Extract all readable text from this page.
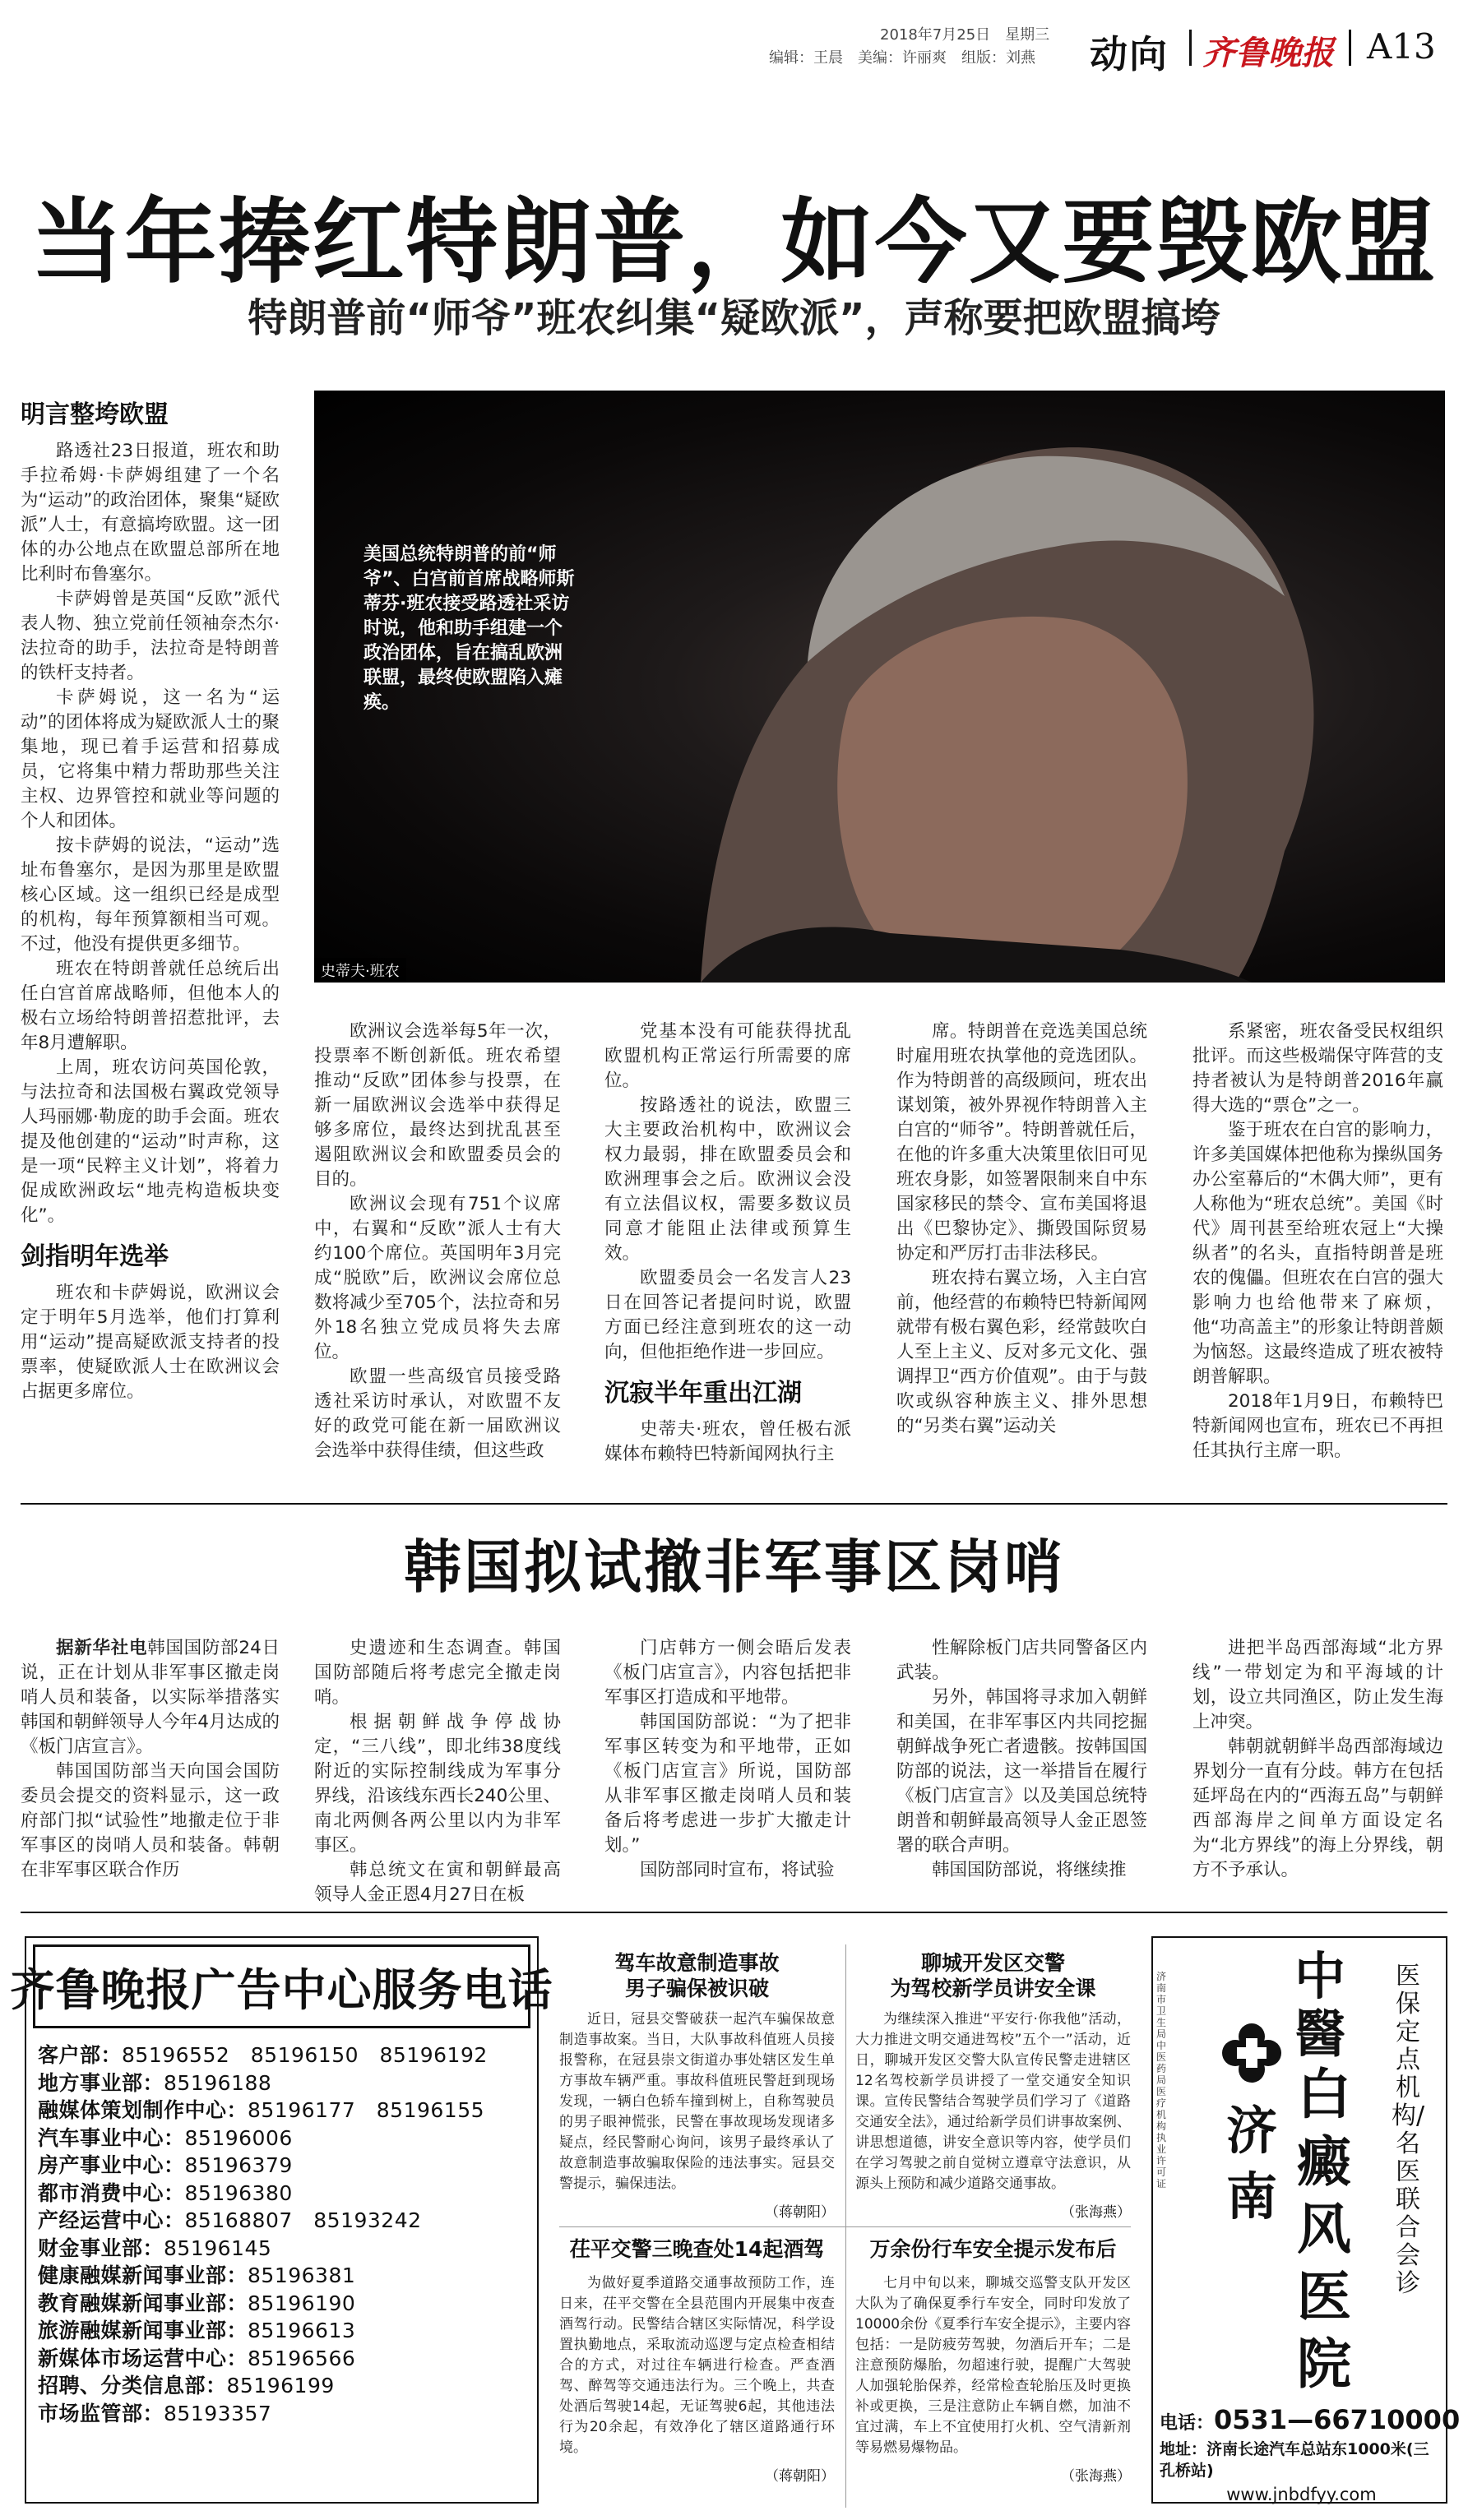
2018年7月25日　星期三
编辑：王晨　美编：许丽爽　组版：刘燕 动向 齐鲁晚报 A13
当年捧红特朗普，如今又要毁欧盟
特朗普前“师爷”班农纠集“疑欧派”，声称要把欧盟搞垮
美国总统特朗普的前“师爷”、白宫前首席战略师斯蒂芬·班农接受路透社采访时说，他和助手组建一个政治团体，旨在搞乱欧洲联盟，最终使欧盟陷入瘫痪。
史蒂夫·班农
明言整垮欧盟

路透社23日报道，班农和助手拉希姆·卡萨姆组建了一个名为“运动”的政治团体，聚集“疑欧派”人士，有意搞垮欧盟。这一团体的办公地点在欧盟总部所在地比利时布鲁塞尔。

卡萨姆曾是英国“反欧”派代表人物、独立党前任领袖奈杰尔·法拉奇的助手，法拉奇是特朗普的铁杆支持者。

卡萨姆说，这一名为“运动”的团体将成为疑欧派人士的聚集地，现已着手运营和招募成员，它将集中精力帮助那些关注主权、边界管控和就业等问题的个人和团体。

按卡萨姆的说法，“运动”选址布鲁塞尔，是因为那里是欧盟核心区域。这一组织已经是成型的机构，每年预算额相当可观。不过，他没有提供更多细节。

班农在特朗普就任总统后出任白宫首席战略师，但他本人的极右立场给特朗普招惹批评，去年8月遭解职。

上周，班农访问英国伦敦，与法拉奇和法国极右翼政党领导人玛丽娜·勒庞的助手会面。班农提及他创建的“运动”时声称，这是一项“民粹主义计划”，将着力促成欧洲政坛“地壳构造板块变化”。

剑指明年选举

班农和卡萨姆说，欧洲议会定于明年5月选举，他们打算利用“运动”提高疑欧派支持者的投票率，使疑欧派人士在欧洲议会占据更多席位。

欧洲议会选举每5年一次，投票率不断创新低。班农希望推动“反欧”团体参与投票，在新一届欧洲议会选举中获得足够多席位，最终达到扰乱甚至遏阻欧洲议会和欧盟委员会的目的。

欧洲议会现有751个议席中，右翼和“反欧”派人士有大约100个席位。英国明年3月完成“脱欧”后，欧洲议会席位总数将减少至705个，法拉奇和另外18名独立党成员将失去席位。

欧盟一些高级官员接受路透社采访时承认，对欧盟不友好的政党可能在新一届欧洲议会选举中获得佳绩，但这些政

党基本没有可能获得扰乱欧盟机构正常运行所需要的席位。

按路透社的说法，欧盟三大主要政治机构中，欧洲议会权力最弱，排在欧盟委员会和欧洲理事会之后。欧洲议会没有立法倡议权，需要多数议员同意才能阻止法律或预算生效。

欧盟委员会一名发言人23日在回答记者提问时说，欧盟方面已经注意到班农的这一动向，但他拒绝作进一步回应。

沉寂半年重出江湖

史蒂夫·班农，曾任极右派媒体布赖特巴特新闻网执行主

席。特朗普在竞选美国总统时雇用班农执掌他的竞选团队。作为特朗普的高级顾问，班农出谋划策，被外界视作特朗普入主白宫的“师爷”。特朗普就任后，在他的许多重大决策里依旧可见班农身影，如签署限制来自中东国家移民的禁令、宣布美国将退出《巴黎协定》、撕毁国际贸易协定和严厉打击非法移民。

班农持右翼立场，入主白宫前，他经营的布赖特巴特新闻网就带有极右翼色彩，经常鼓吹白人至上主义、反对多元文化、强调捍卫“西方价值观”。由于与鼓吹或纵容种族主义、排外思想的“另类右翼”运动关

系紧密，班农备受民权组织批评。而这些极端保守阵营的支持者被认为是特朗普2016年赢得大选的“票仓”之一。

鉴于班农在白宫的影响力，许多美国媒体把他称为操纵国务办公室幕后的“木偶大师”，更有人称他为“班农总统”。美国《时代》周刊甚至给班农冠上“大操纵者”的名头，直指特朗普是班农的傀儡。但班农在白宫的强大影响力也给他带来了麻烦，他“功高盖主”的形象让特朗普颇为恼怒。这最终造成了班农被特朗普解职。

2018年1月9日，布赖特巴特新闻网也宣布，班农已不再担任其执行主席一职。

韩国拟试撤非军事区岗哨

据新华社电韩国国防部24日说，正在计划从非军事区撤走岗哨人员和装备，以实际举措落实韩国和朝鲜领导人今年4月达成的《板门店宣言》。

韩国国防部当天向国会国防委员会提交的资料显示，这一政府部门拟“试验性”地撤走位于非军事区的岗哨人员和装备。韩朝在非军事区联合作历

史遗迹和生态调查。韩国国防部随后将考虑完全撤走岗哨。

根据朝鲜战争停战协定，“三八线”，即北纬38度线附近的实际控制线成为军事分界线，沿该线东西长240公里、南北两侧各两公里以内为非军事区。

韩总统文在寅和朝鲜最高领导人金正恩4月27日在板

门店韩方一侧会晤后发表《板门店宣言》，内容包括把非军事区打造成和平地带。

韩国国防部说：“为了把非军事区转变为和平地带，正如《板门店宣言》所说，国防部从非军事区撤走岗哨人员和装备后将考虑进一步扩大撤走计划。”

国防部同时宣布，将试验

性解除板门店共同警备区内武装。

另外，韩国将寻求加入朝鲜和美国，在非军事区内共同挖掘朝鲜战争死亡者遗骸。按韩国国防部的说法，这一举措旨在履行《板门店宣言》以及美国总统特朗普和朝鲜最高领导人金正恩签署的联合声明。

韩国国防部说，将继续推

进把半岛西部海域“北方界线”一带划定为和平海域的计划，设立共同渔区，防止发生海上冲突。

韩朝就朝鲜半岛西部海域边界划分一直有分歧。韩方在包括延坪岛在内的“西海五岛”与朝鲜西部海岸之间单方面设定名为“北方界线”的海上分界线，朝方不予承认。

齐鲁晚报广告中心服务电话
客户部：85196552　85196150　85196192
地方事业部：85196188
融媒体策划制作中心：85196177　85196155
汽车事业中心：85196006
房产事业中心：85196379
都市消费中心：85196380
产经运营中心：85168807　85193242
财金事业部：85196145
健康融媒新闻事业部：85196381
教育融媒新闻事业部：85196190
旅游融媒新闻事业部：85196613
新媒体市场运营中心：85196566
招聘、分类信息部：85196199
市场监管部：85193357
驾车故意制造事故
男子骗保被识破

近日，冠县交警破获一起汽车骗保故意制造事故案。当日，大队事故科值班人员接报警称，在冠县崇文街道办事处辖区发生单方事故车辆严重。事故科值班民警赶到现场发现，一辆白色轿车撞到树上，自称驾驶员的男子眼神慌张，民警在事故现场发现诸多疑点，经民警耐心询问，该男子最终承认了故意制造事故骗取保险的违法事实。冠县交警提示，骗保违法。

（蒋朝阳）
茌平交警三晚查处14起酒驾

为做好夏季道路交通事故预防工作，连日来，茌平交警在全县范围内开展集中夜查酒驾行动。民警结合辖区实际情况，科学设置执勤地点，采取流动巡逻与定点检查相结合的方式，对过往车辆进行检查。严查酒驾、醉驾等交通违法行为。三个晚上，共查处酒后驾驶14起，无证驾驶6起，其他违法行为20余起，有效净化了辖区道路通行环境。

（蒋朝阳）
聊城开发区交警
为驾校新学员讲安全课

为继续深入推进“平安行·你我他”活动，大力推进文明交通进驾校”五个一”活动，近日，聊城开发区交警大队宣传民警走进辖区12名驾校新学员讲授了一堂交通安全知识课。宣传民警结合驾驶学员们学习了《道路交通安全法》，通过给新学员们讲事故案例、讲思想道德，讲安全意识等内容，使学员们在学习驾驶之前自觉树立遵章守法意识，从源头上预防和减少道路交通事故。

（张海燕）
万余份行车安全提示发布后

七月中旬以来，聊城交巡警支队开发区大队为了确保夏季行车安全，同时印发放了10000余份《夏季行车安全提示》，主要内容包括：一是防疲劳驾驶，勿酒后开车；二是注意预防爆胎，勿超速行驶，提醒广大驾驶人加强轮胎保养，经常检查轮胎压及时更换补或更换，三是注意防止车辆自燃，加油不宜过满，车上不宜使用打火机、空气清新剂等易燃易爆物品。

（张海燕）
济南市卫生局中医药局医疗机构执业许可证
中醫
济南
白癜风医院
医保定点机构/名医联合会诊
电话：0531—66710000
地址：济南长途汽车总站东1000米(三孔桥站)
www.jnbdfyy.com
